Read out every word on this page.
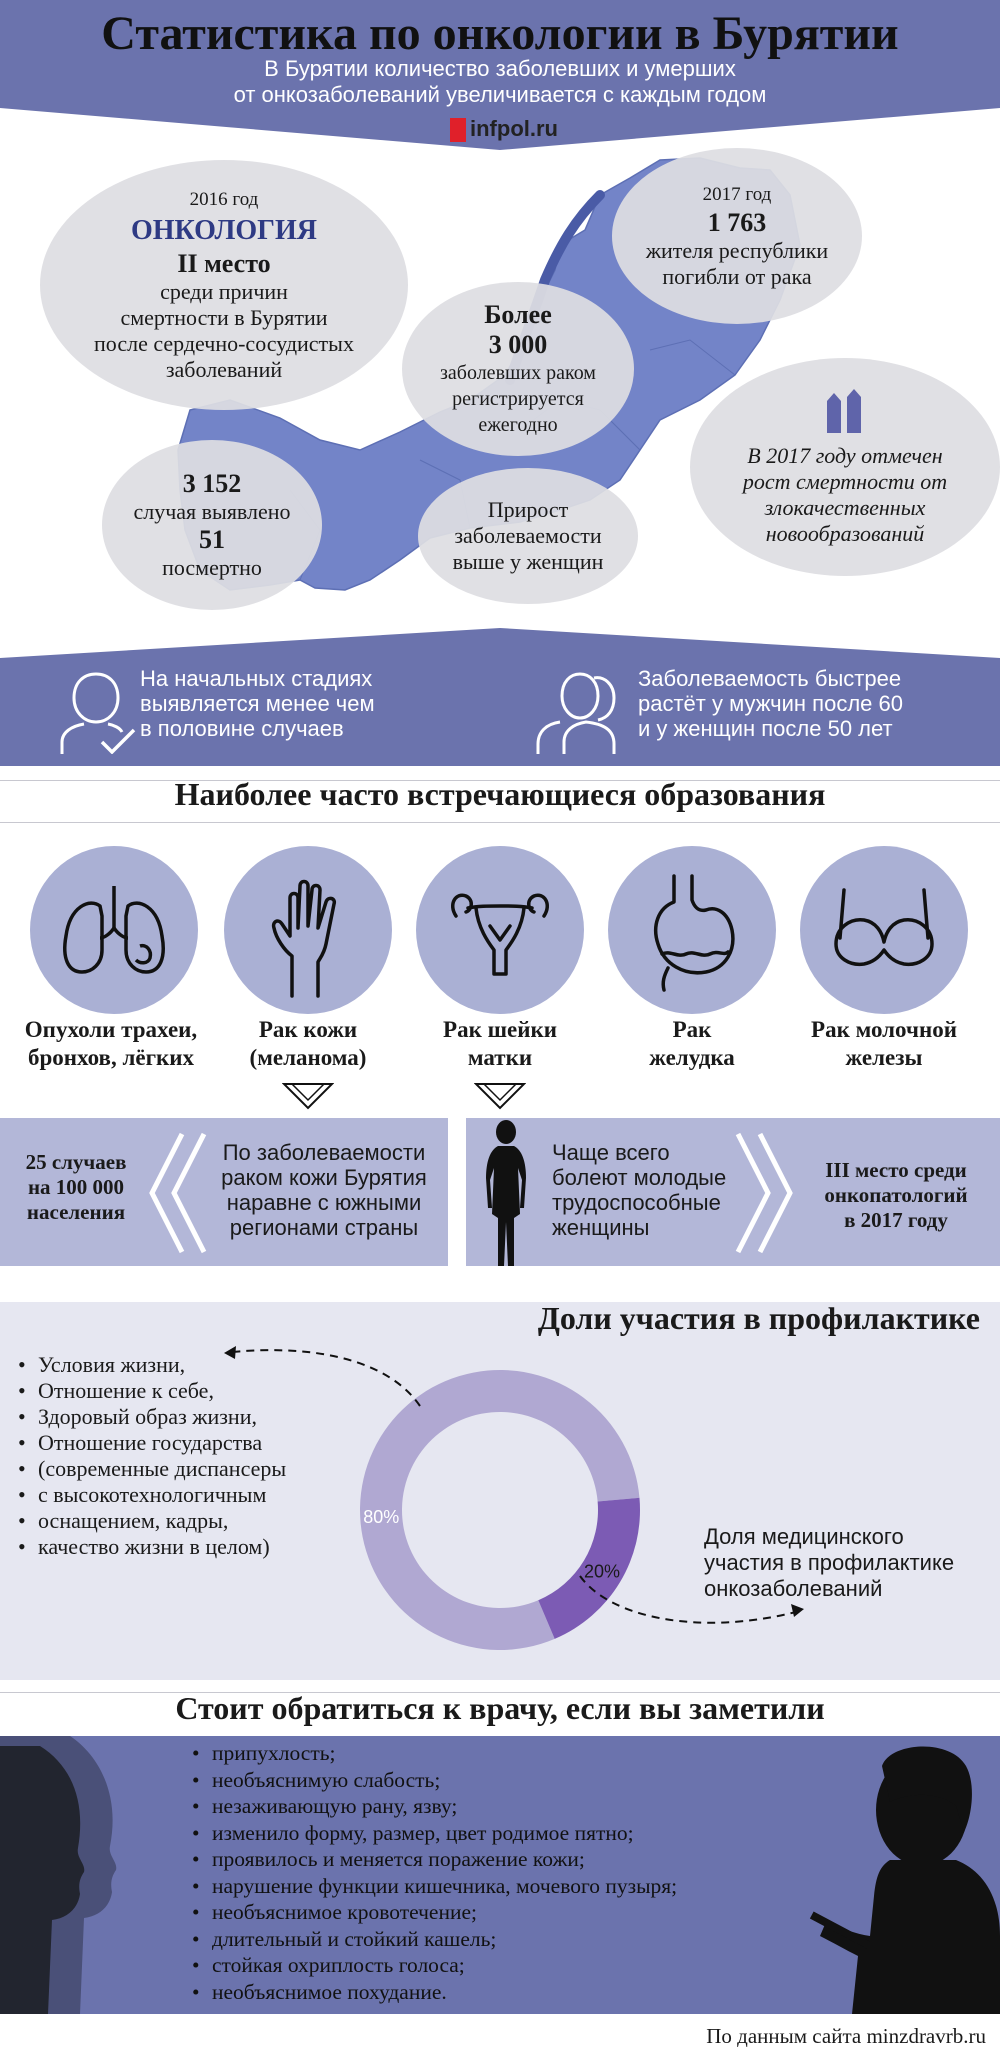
Статистика по онкологии в Бурятии
В Бурятии количество заболевших и умерших
от онкозаболеваний увеличивается с каждым годом
infpol.ru
2016 год
ОНКОЛОГИЯ
II место
среди причин
смертности в Бурятии
после сердечно-сосудистых
заболеваний
2017 год
1 763
жителя республики
погибли от рака
Более
3 000
заболевших раком
регистрируется
ежегодно
В 2017 году отмечен
рост смертности от
злокачественных
новообразований
3 152
случая выявлено
51
посмертно
Прирост
заболеваемости
выше у женщин
На начальных стадиях
выявляется менее чем
в половине случаев
Заболеваемость быстрее
растёт у мужчин после 60
и у женщин после 50 лет
Наиболее часто встречающиеся образования
Опухоли трахеи,
бронхов, лёгких
Рак кожи
(меланома)
Рак шейки
матки
Рак
желудка
Рак молочной
железы
25 случаев
на 100 000
населения
По заболеваемости
раком кожи Бурятия
наравне с южными
регионами страны
Чаще всего
болеют молодые
трудоспособные
женщины
III место среди
онкопатологий
в 2017 году
Доли участия в профилактике
• Условия жизни,
• Отношение к себе,
• Здоровый образ жизни,
• Отношение государства
• (современные диспансеры
• с высокотехнологичным
• оснащением, кадры,
• качество жизни в целом)
80%
20%
Доля медицинского
участия в профилактике
онкозаболеваний
Стоит обратиться к врачу, если вы заметили
• припухлость;
• необъяснимую слабость;
• незаживающую рану, язву;
• изменило форму, размер, цвет родимое пятно;
• проявилось и меняется поражение кожи;
• нарушение функции кишечника, мочевого пузыря;
• необъяснимое кровотечение;
• длительный и стойкий кашель;
• стойкая охриплость голоса;
• необъяснимое похудание.
По данным сайта minzdravrb.ru
